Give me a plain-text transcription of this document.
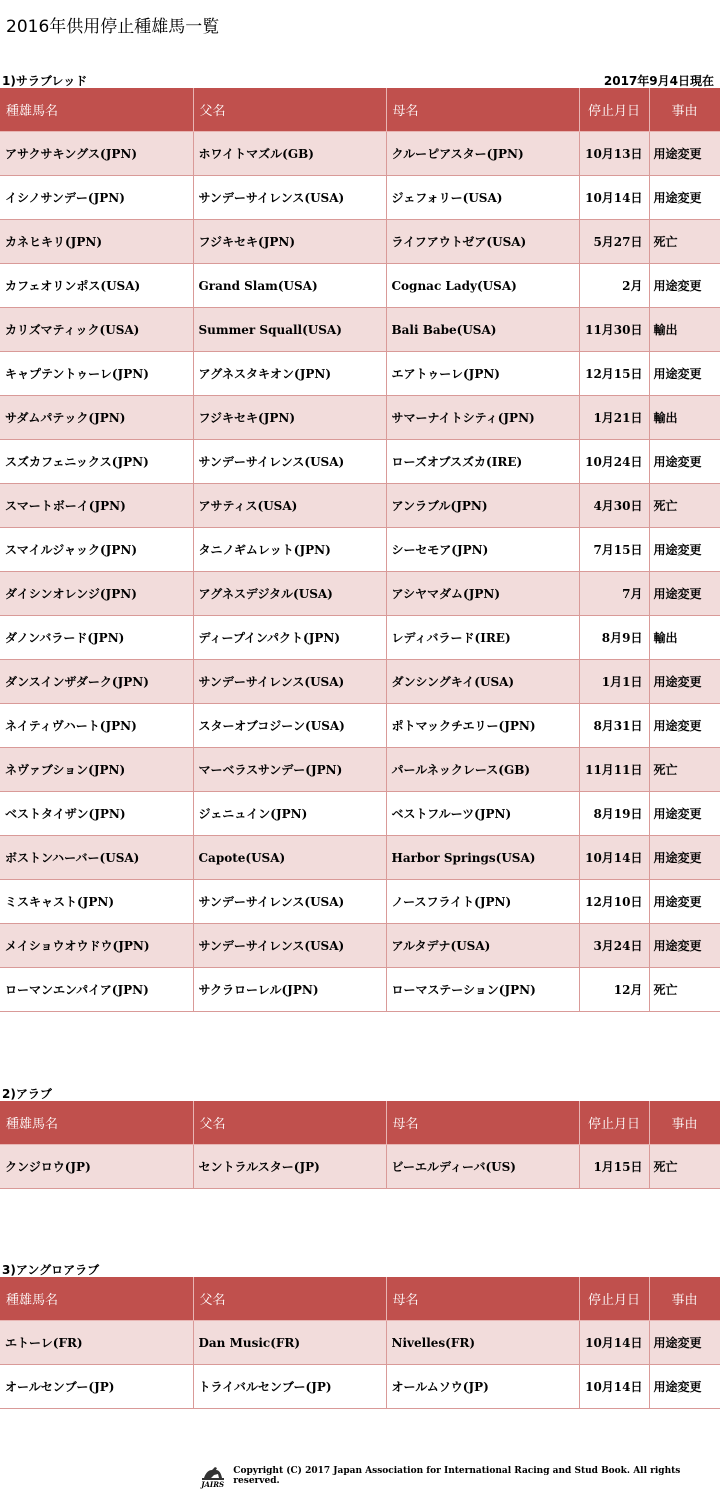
2016年供用停止種雄馬一覧
1)サラブレッド	2017年9月4日現在
種雄馬名	父名	母名	停止月日	事由
アサクサキングス(JPN)	ホワイトマズル(GB)	クルーピアスター(JPN)	10月13日	用途変更
イシノサンデー(JPN)	サンデーサイレンス(USA)	ジェフォリー(USA)	10月14日	用途変更
カネヒキリ(JPN)	フジキセキ(JPN)	ライフアウトゼア(USA)	5月27日	死亡
カフェオリンポス(USA)	Grand Slam(USA)	Cognac Lady(USA)	2月	用途変更
カリズマティック(USA)	Summer Squall(USA)	Bali Babe(USA)	11月30日	輸出
キャプテントゥーレ(JPN)	アグネスタキオン(JPN)	エアトゥーレ(JPN)	12月15日	用途変更
サダムパテック(JPN)	フジキセキ(JPN)	サマーナイトシティ(JPN)	1月21日	輸出
スズカフェニックス(JPN)	サンデーサイレンス(USA)	ローズオブスズカ(IRE)	10月24日	用途変更
スマートボーイ(JPN)	アサティス(USA)	アンラブル(JPN)	4月30日	死亡
スマイルジャック(JPN)	タニノギムレット(JPN)	シーセモア(JPN)	7月15日	用途変更
ダイシンオレンジ(JPN)	アグネスデジタル(USA)	アシヤマダム(JPN)	7月	用途変更
ダノンバラード(JPN)	ディープインパクト(JPN)	レディバラード(IRE)	8月9日	輸出
ダンスインザダーク(JPN)	サンデーサイレンス(USA)	ダンシングキイ(USA)	1月1日	用途変更
ネイティヴハート(JPN)	スターオブコジーン(USA)	ポトマックチエリー(JPN)	8月31日	用途変更
ネヴァブション(JPN)	マーベラスサンデー(JPN)	パールネックレース(GB)	11月11日	死亡
ベストタイザン(JPN)	ジェニュイン(JPN)	ベストフルーツ(JPN)	8月19日	用途変更
ボストンハーバー(USA)	Capote(USA)	Harbor Springs(USA)	10月14日	用途変更
ミスキャスト(JPN)	サンデーサイレンス(USA)	ノースフライト(JPN)	12月10日	用途変更
メイショウオウドウ(JPN)	サンデーサイレンス(USA)	アルタデナ(USA)	3月24日	用途変更
ローマンエンパイア(JPN)	サクラローレル(JPN)	ローマステーション(JPN)	12月	死亡
2)アラブ
種雄馬名	父名	母名	停止月日	事由
クンジロウ(JP)	セントラルスター(JP)	ビーエルディーバ(US)	1月15日	死亡
3)アングロアラブ
種雄馬名	父名	母名	停止月日	事由
エトーレ(FR)	Dan Music(FR)	Nivelles(FR)	10月14日	用途変更
オールセンブー(JP)	トライバルセンブー(JP)	オールムソウ(JP)	10月14日	用途変更
JAIRS
Copyright (C) 2017 Japan Association for International Racing and Stud Book. All rights reserved.
